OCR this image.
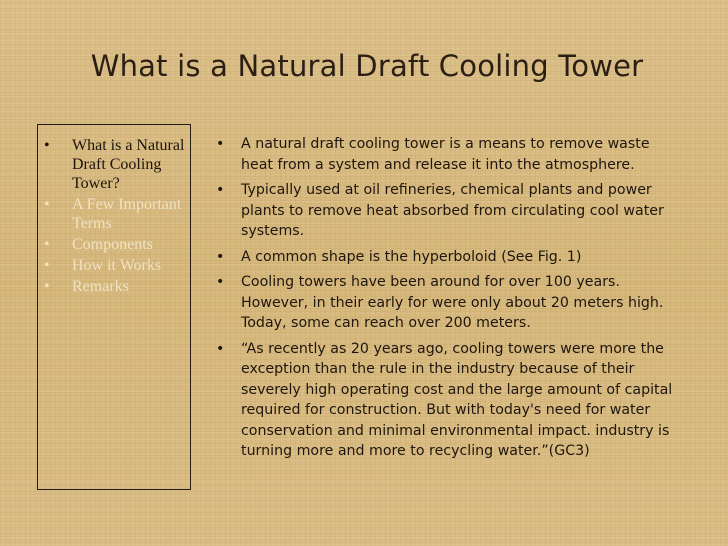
What is a Natural Draft Cooling Tower
• What is a Natural Draft Cooling Tower?
• A Few Important Terms
• Components
• How it Works
• Remarks
• A natural draft cooling tower is a means to remove waste heat from a system and release it into the atmosphere.
• Typically used at oil refineries, chemical plants and power plants to remove heat absorbed from circulating cool water systems.
• A common shape is the hyperboloid (See Fig. 1)
• Cooling towers have been around for over 100 years. However, in their early for were only about 20 meters high. Today, some can reach over 200 meters.
• “As recently as 20 years ago, cooling towers were more the exception than the rule in the industry because of their severely high operating cost and the large amount of capital required for construction. But with today's need for water conservation and minimal environmental impact. industry is turning more and more to recycling water.”(GC3)
